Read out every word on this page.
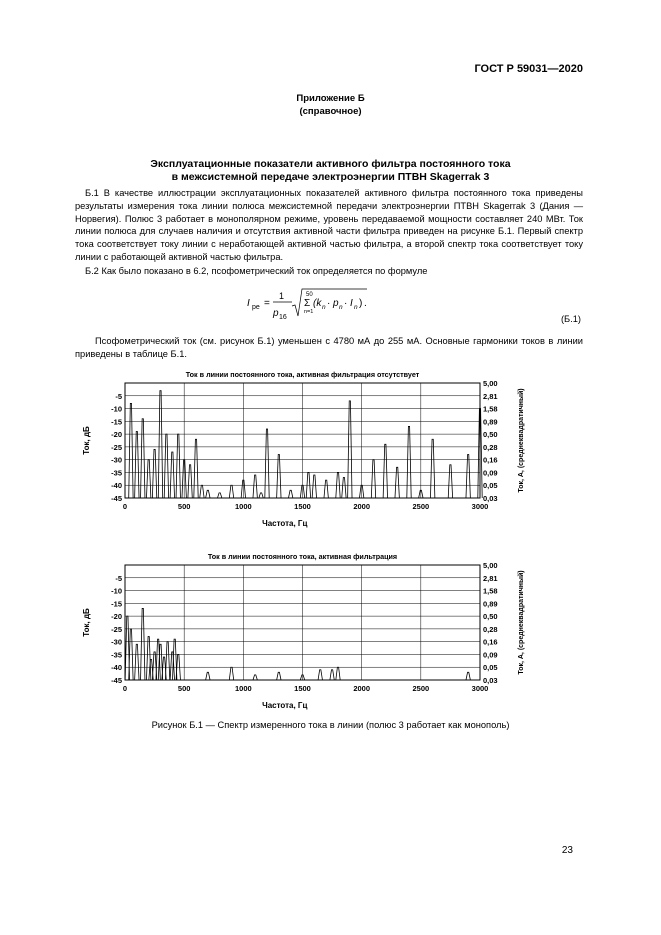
ГОСТ Р 59031—2020
Приложение Б
(справочное)
Эксплуатационные показатели активного фильтра постоянного тока
в межсистемной передаче электроэнергии ПТВН Skagerrak 3
Б.1 В качестве иллюстрации эксплуатационных показателей активного фильтра постоянного тока приведены результаты измерения тока линии полюса межсистемной передачи электроэнергии ПТВН Skagerrak 3 (Дания — Норвегия). Полюс 3 работает в монополярном режиме, уровень передаваемой мощности составляет 240 МВт. Ток линии полюса для случаев наличия и отсутствия активной части фильтра приведен на рисунке Б.1. Первый спектр тока соответствует току линии с неработающей активной частью фильтра, а второй спектр тока соответствует току линии с работающей активной частью фильтра.
Б.2 Как было показано в 6.2, псофометрический ток определяется по формуле
I pe =
1
p 16
50
Σ
n=1
(k n · p n · I n ) .
(Б.1)
Псофометрический ток (см. рисунок Б.1) уменьшен с 4780 мА до 255 мА. Основные гармоники токов в линии приведены в таблице Б.1.
Ток в линии постоянного тока, активная фильтрация отсутствует
-5
-10
-15
-20
-25
-30
-35
-40
-45
5,00
2,81
1,58
0,89
0,50
0,28
0,16
0,09
0,05
0,03
0	500	1000	1500	2000	2500	3000
Частота, Гц
Ток, дБ	Ток, А, (среднеквадратичный)
Ток в линии постоянного тока, активная фильтрация
-5
-10
-15
-20
-25
-30
-35
-40
-45
5,00
2,81
1,58
0,89
0,50
0,28
0,16
0,09
0,05
0,03
0	500	1000	1500	2000	2500	3000
Частота, Гц
Ток, дБ	Ток, А, (среднеквадратичный)
Рисунок Б.1 — Спектр измеренного тока в линии (полюс 3 работает как монополь)
23
